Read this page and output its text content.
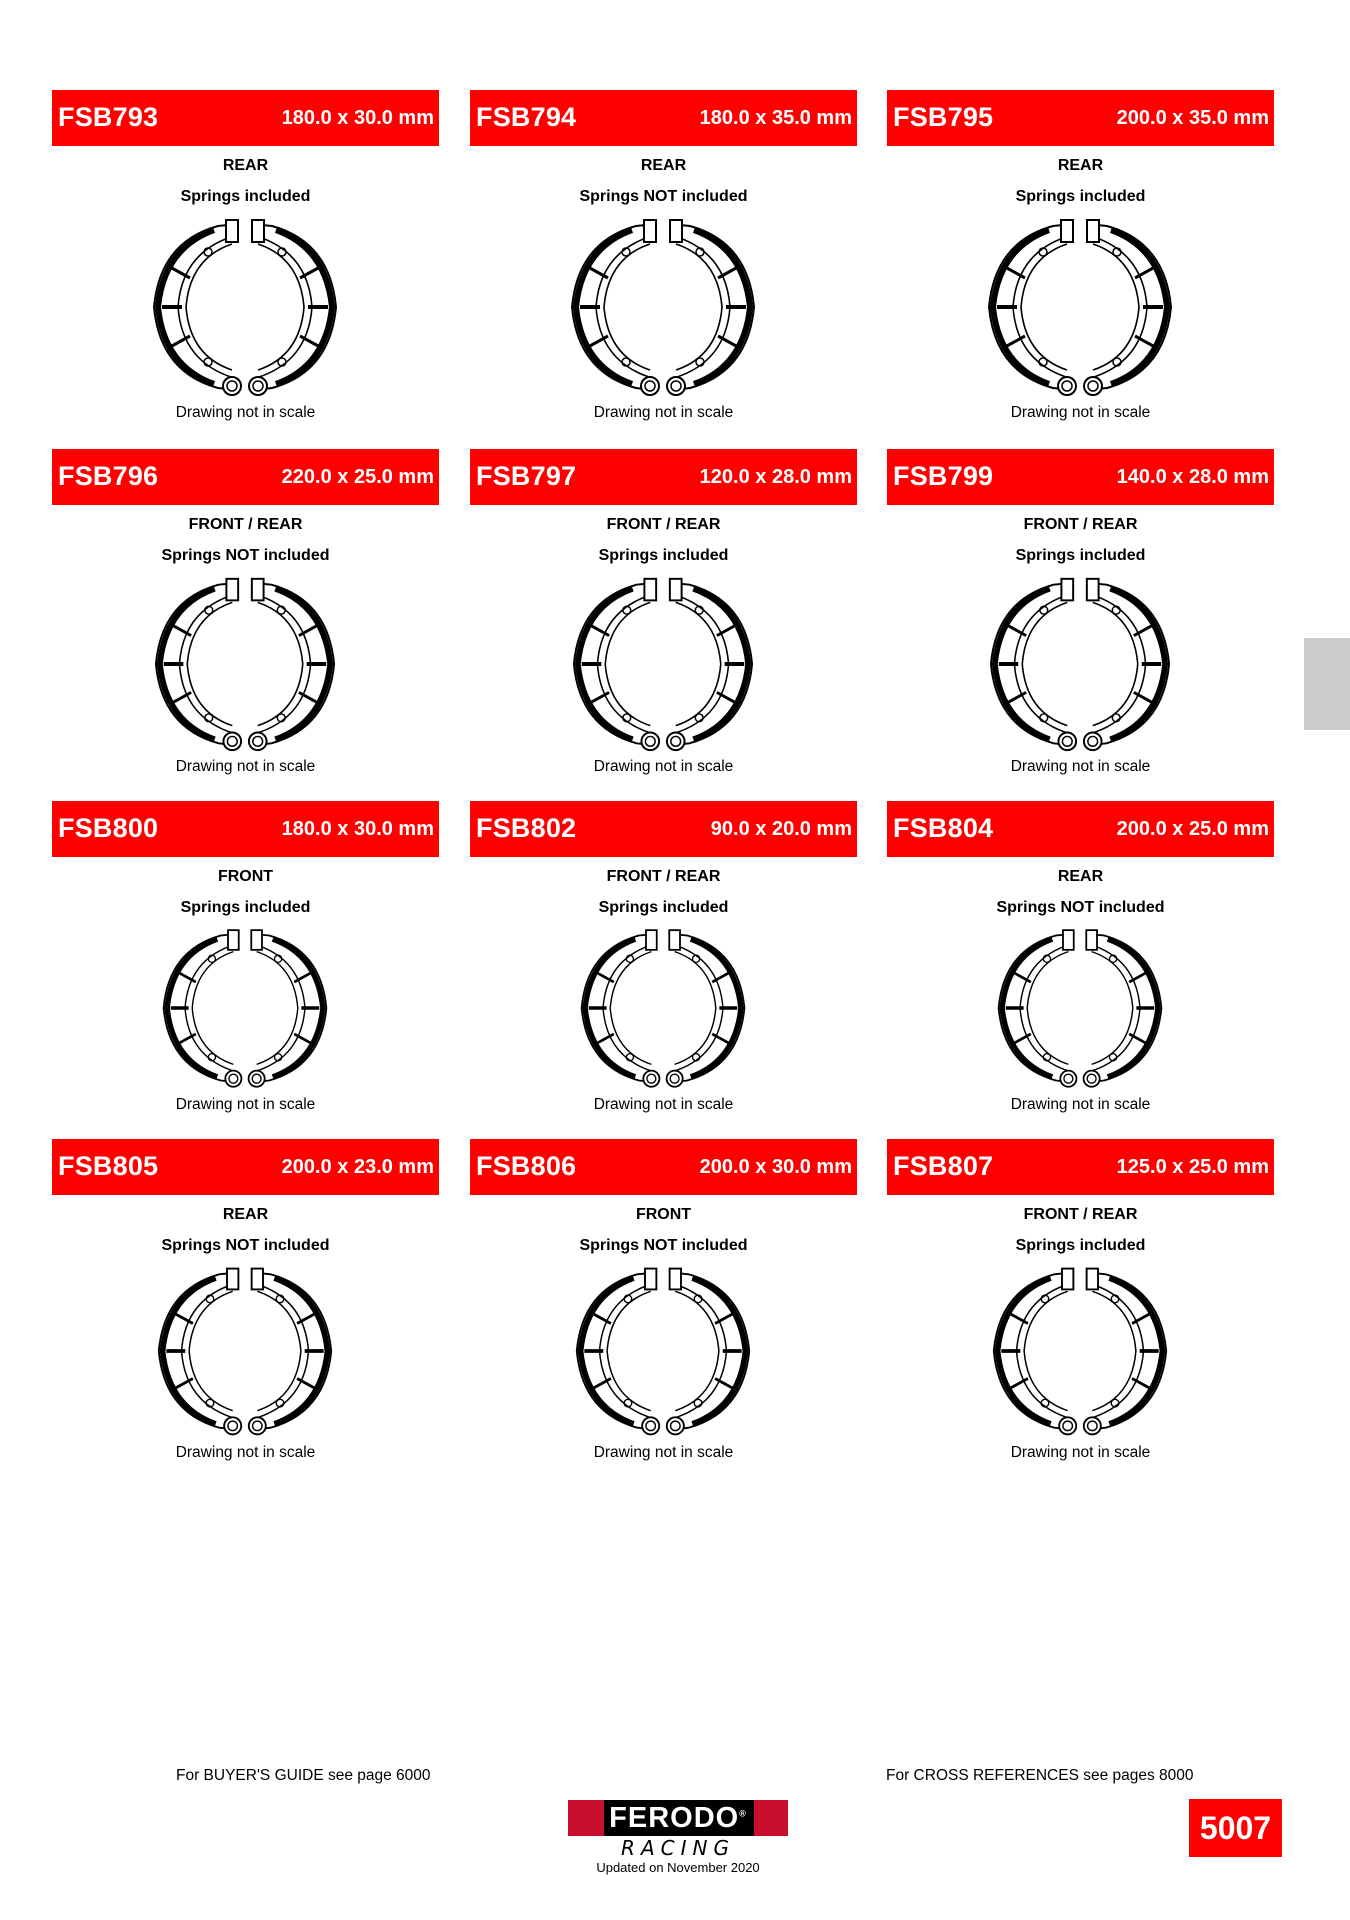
FSB793	180.0 x 30.0 mm
REAR
Springs included
Drawing not in scale
FSB794	180.0 x 35.0 mm
REAR
Springs NOT included
Drawing not in scale
FSB795	200.0 x 35.0 mm
REAR
Springs included
Drawing not in scale
FSB796	220.0 x 25.0 mm
FRONT / REAR
Springs NOT included
Drawing not in scale
FSB797	120.0 x 28.0 mm
FRONT / REAR
Springs included
Drawing not in scale
FSB799	140.0 x 28.0 mm
FRONT / REAR
Springs included
Drawing not in scale
FSB800	180.0 x 30.0 mm
FRONT
Springs included
Drawing not in scale
FSB802	90.0 x 20.0 mm
FRONT / REAR
Springs included
Drawing not in scale
FSB804	200.0 x 25.0 mm
REAR
Springs NOT included
Drawing not in scale
FSB805	200.0 x 23.0 mm
REAR
Springs NOT included
Drawing not in scale
FSB806	200.0 x 30.0 mm
FRONT
Springs NOT included
Drawing not in scale
FSB807	125.0 x 25.0 mm
FRONT / REAR
Springs included
Drawing not in scale
For BUYER'S GUIDE see page 6000	For CROSS REFERENCES see pages 8000
FERODO®
RACING
Updated on November 2020
5007
